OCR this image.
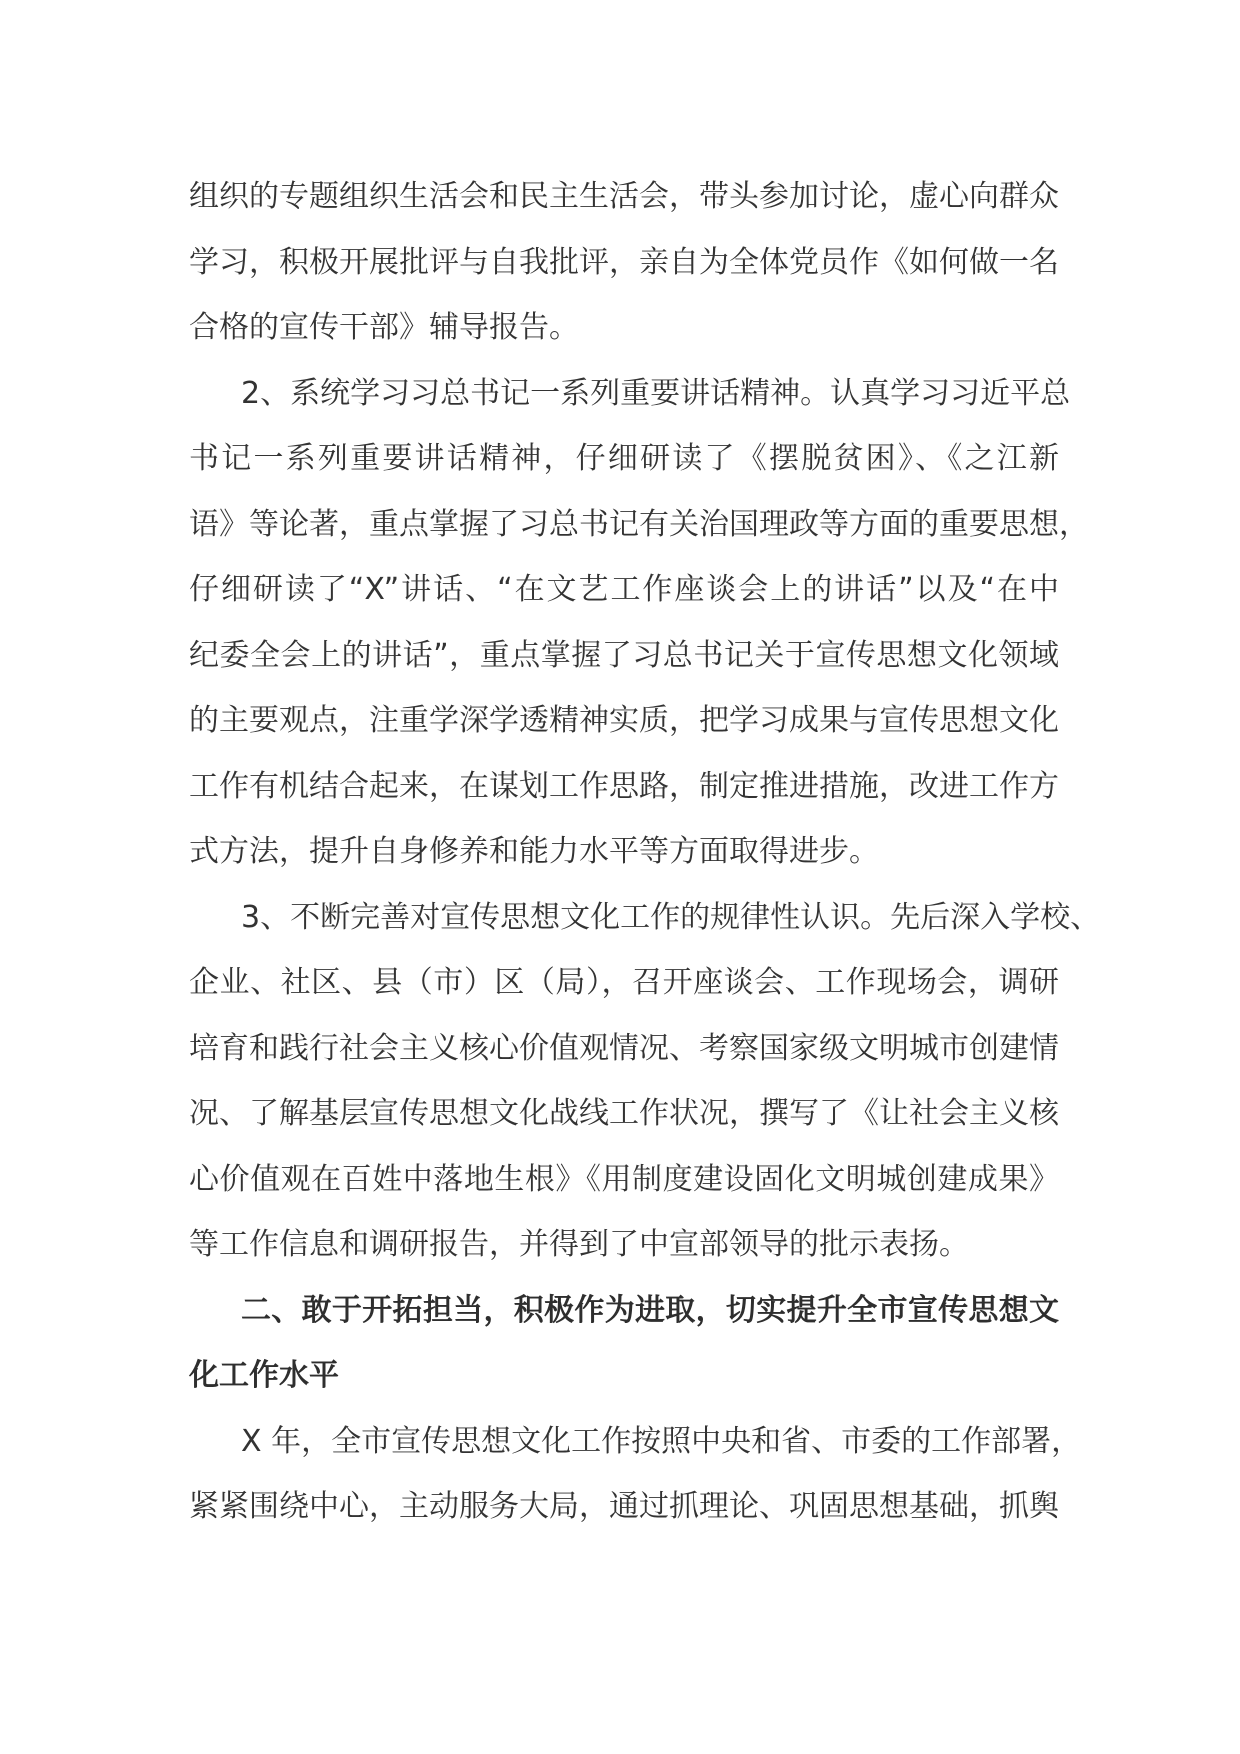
组织的专题组织生活会和民主生活会，带头参加讨论，虚心向群众
学习，积极开展批评与自我批评，亲自为全体党员作《如何做一名
合格的宣传干部》辅导报告。
2、系统学习习总书记一系列重要讲话精神。认真学习习近平总
书记一系列重要讲话精神，仔细研读了《摆脱贫困》、《之江新
语》等论著，重点掌握了习总书记有关治国理政等方面的重要思想，
仔细研读了“X”讲话、“在文艺工作座谈会上的讲话”以及“在中
纪委全会上的讲话”，重点掌握了习总书记关于宣传思想文化领域
的主要观点，注重学深学透精神实质，把学习成果与宣传思想文化
工作有机结合起来，在谋划工作思路，制定推进措施，改进工作方
式方法，提升自身修养和能力水平等方面取得进步。
3、不断完善对宣传思想文化工作的规律性认识。先后深入学校、
企业、社区、县（市）区（局），召开座谈会、工作现场会，调研
培育和践行社会主义核心价值观情况、考察国家级文明城市创建情
况、了解基层宣传思想文化战线工作状况，撰写了《让社会主义核
心价值观在百姓中落地生根》《用制度建设固化文明城创建成果》
等工作信息和调研报告，并得到了中宣部领导的批示表扬。
二、敢于开拓担当，积极作为进取，切实提升全市宣传思想文
化工作水平
X 年，全市宣传思想文化工作按照中央和省、市委的工作部署，
紧紧围绕中心，主动服务大局，通过抓理论、巩固思想基础，抓舆
